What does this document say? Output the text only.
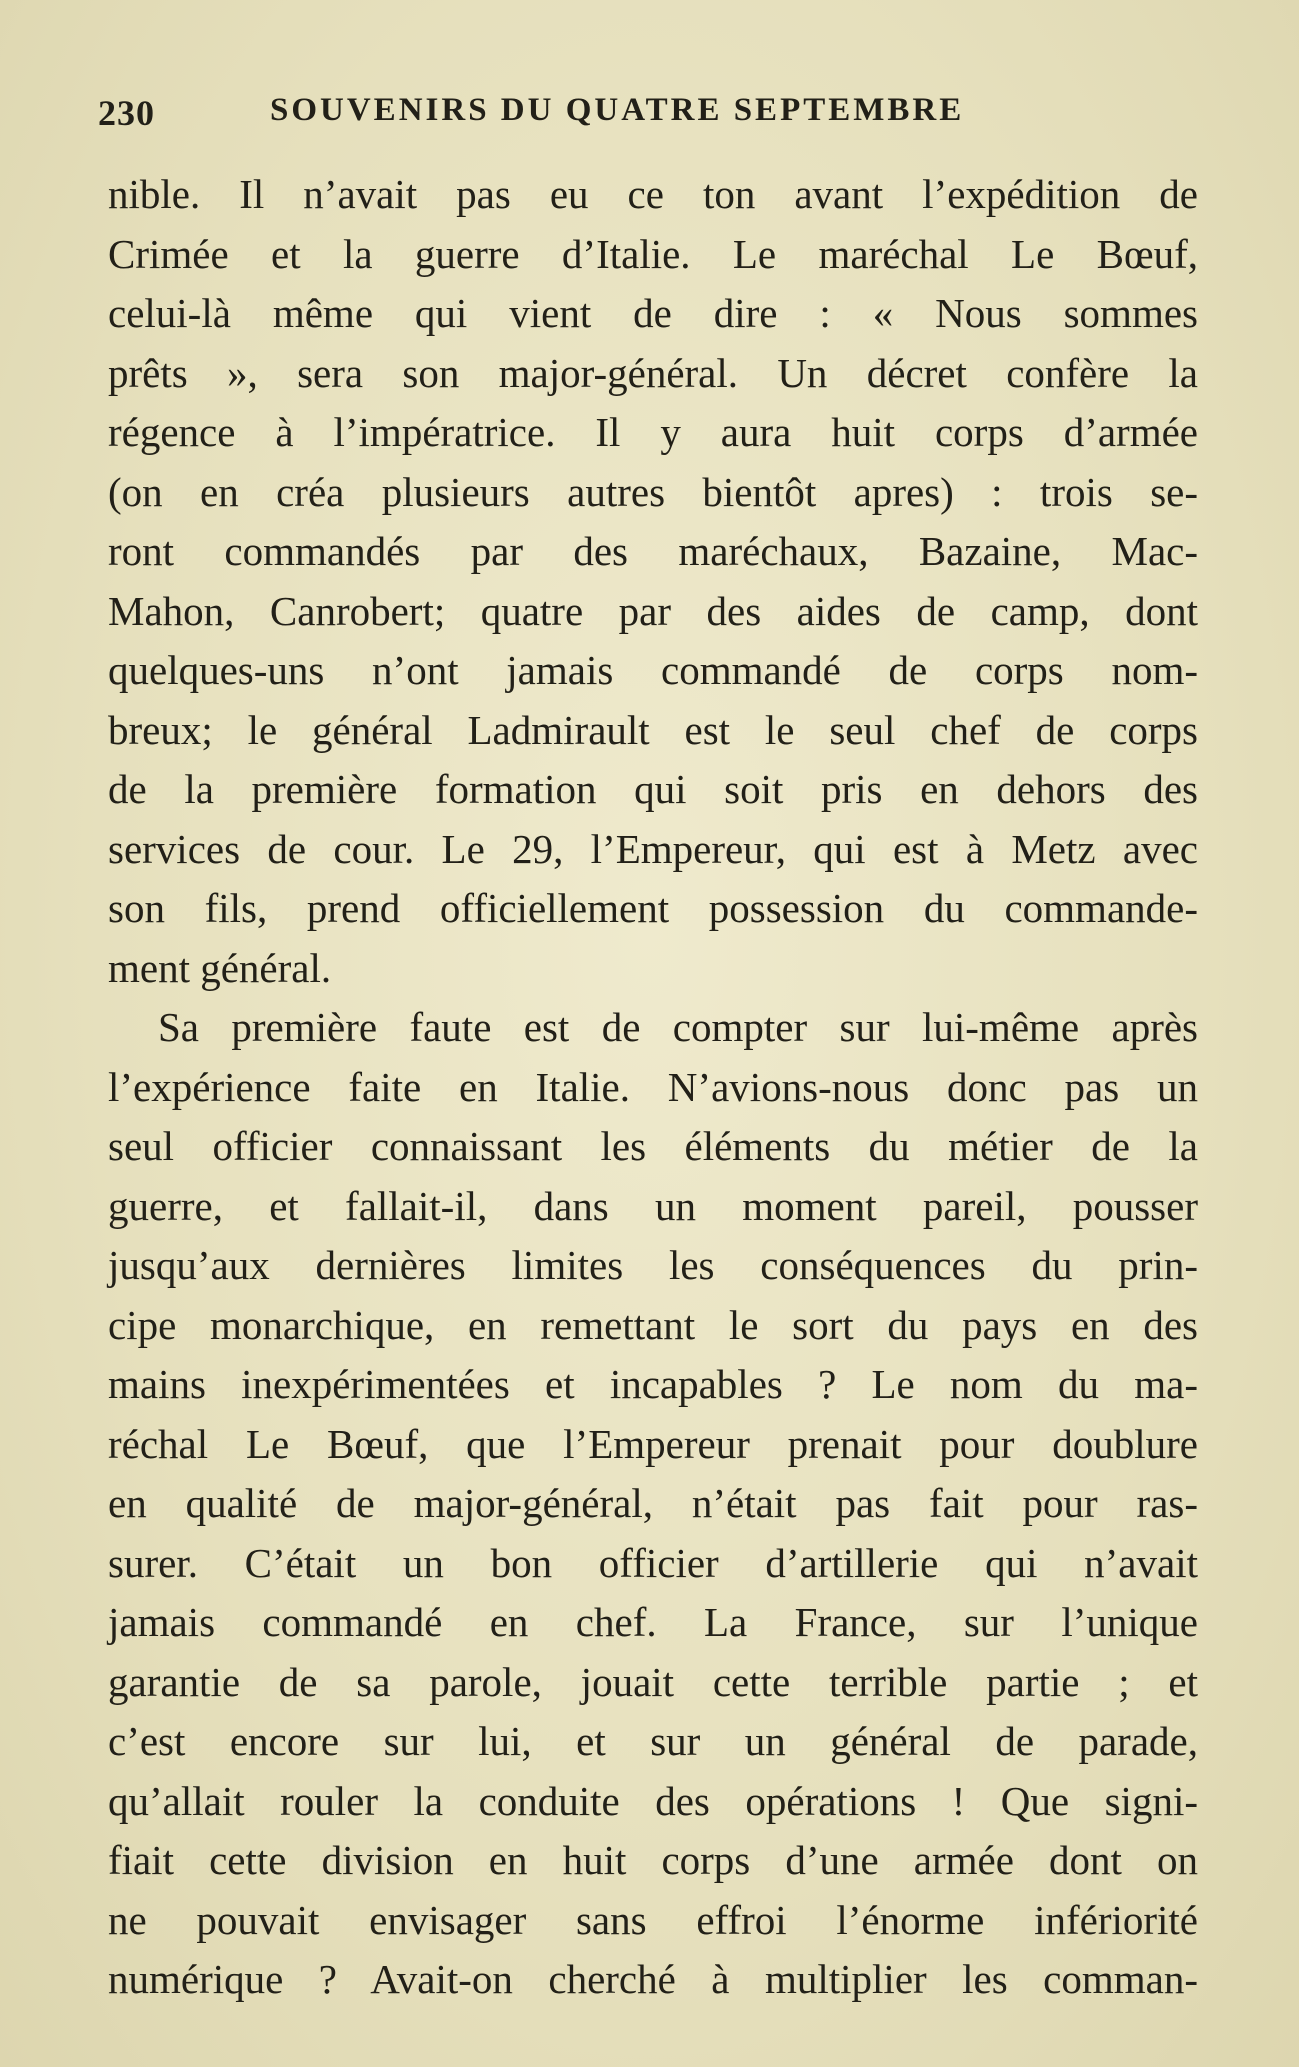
230	SOUVENIRS DU QUATRE SEPTEMBRE
nible. Il n’avait pas eu ce ton avant l’expédition de
Crimée et la guerre d’Italie. Le maréchal Le Bœuf,
celui-là même qui vient de dire : « Nous sommes
prêts », sera son major-général. Un décret confère la
régence à l’impératrice. Il y aura huit corps d’armée
(on en créa plusieurs autres bientôt apres) : trois se-
ront commandés par des maréchaux, Bazaine, Mac-
Mahon, Canrobert; quatre par des aides de camp, dont
quelques-uns n’ont jamais commandé de corps nom-
breux; le général Ladmirault est le seul chef de corps
de la première formation qui soit pris en dehors des
services de cour. Le 29, l’Empereur, qui est à Metz avec
son fils, prend officiellement possession du commande-
ment général.
Sa première faute est de compter sur lui-même après
l’expérience faite en Italie. N’avions-nous donc pas un
seul officier connaissant les éléments du métier de la
guerre, et fallait-il, dans un moment pareil, pousser
jusqu’aux dernières limites les conséquences du prin-
cipe monarchique, en remettant le sort du pays en des
mains inexpérimentées et incapables ? Le nom du ma-
réchal Le Bœuf, que l’Empereur prenait pour doublure
en qualité de major-général, n’était pas fait pour ras-
surer. C’était un bon officier d’artillerie qui n’avait
jamais commandé en chef. La France, sur l’unique
garantie de sa parole, jouait cette terrible partie ; et
c’est encore sur lui, et sur un général de parade,
qu’allait rouler la conduite des opérations ! Que signi-
fiait cette division en huit corps d’une armée dont on
ne pouvait envisager sans effroi l’énorme infériorité
numérique ? Avait-on cherché à multiplier les comman-
